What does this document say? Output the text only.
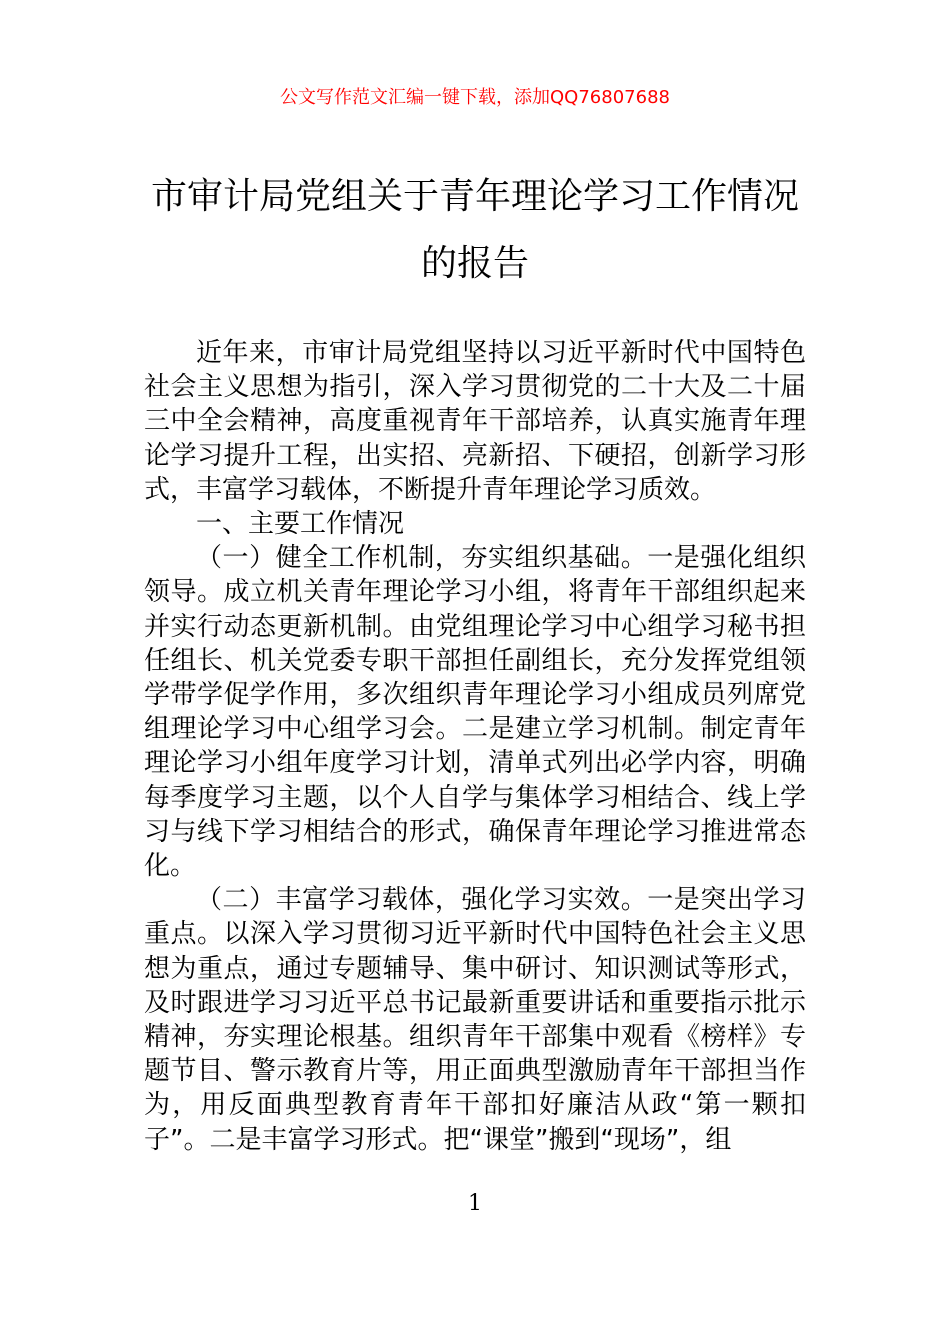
公文写作范文汇编一键下载，添加QQ76807688
市审计局党组关于青年理论学习工作情况
的报告

近年来，市审计局党组坚持以习近平新时代中国特色社会主义思想为指引，深入学习贯彻党的二十大及二十届三中全会精神，高度重视青年干部培养，认真实施青年理论学习提升工程，出实招、亮新招、下硬招，创新学习形式，丰富学习载体，不断提升青年理论学习质效。

一、主要工作情况

（一）健全工作机制，夯实组织基础。一是强化组织领导。成立机关青年理论学习小组，将青年干部组织起来并实行动态更新机制。由党组理论学习中心组学习秘书担任组长、机关党委专职干部担任副组长，充分发挥党组领学带学促学作用，多次组织青年理论学习小组成员列席党组理论学习中心组学习会。二是建立学习机制。制定青年理论学习小组年度学习计划，清单式列出必学内容，明确每季度学习主题，以个人自学与集体学习相结合、线上学习与线下学习相结合的形式，确保青年理论学习推进常态化。

（二）丰富学习载体，强化学习实效。一是突出学习重点。以深入学习贯彻习近平新时代中国特色社会主义思想为重点，通过专题辅导、集中研讨、知识测试等形式，及时跟进学习习近平总书记最新重要讲话和重要指示批示精神，夯实理论根基。组织青年干部集中观看《榜样》专题节目、警示教育片等，用正面典型激励青年干部担当作为，用反面典型教育青年干部扣好廉洁从政“第一颗扣子”。二是丰富学习形式。把“课堂”搬到“现场”，组

1
